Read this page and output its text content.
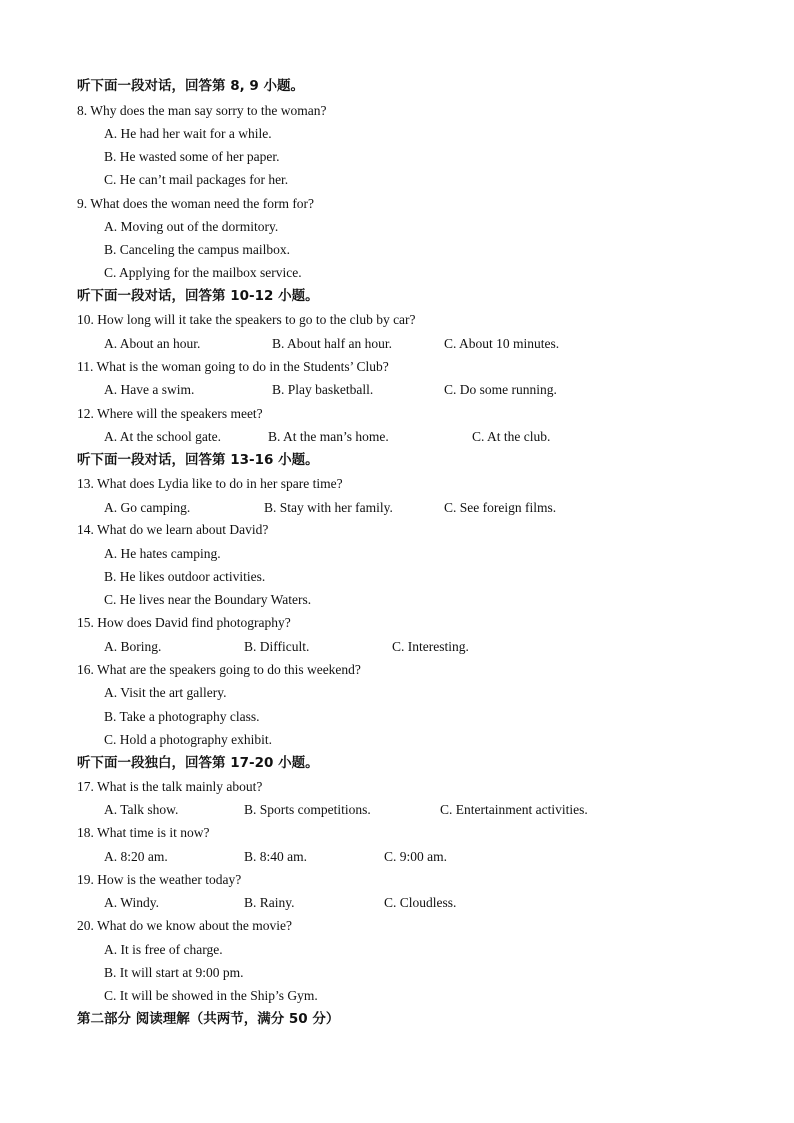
听下面一段对话，回答第 8, 9 小题。
8. Why does the man say sorry to the woman?
A. He had her wait for a while.
B. He wasted some of her paper.
C. He can’t mail packages for her.
9. What does the woman need the form for?
A. Moving out of the dormitory.
B. Canceling the campus mailbox.
C. Applying for the mailbox service.
听下面一段对话，回答第 10-12 小题。
10. How long will it take the speakers to go to the club by car?
A. About an hour.	B. About half an hour.	C. About 10 minutes.
11. What is the woman going to do in the Students’ Club?
A. Have a swim.	B. Play basketball.	C. Do some running.
12. Where will the speakers meet?
A. At the school gate.	B. At the man’s home.	C. At the club.
听下面一段对话，回答第 13-16 小题。
13. What does Lydia like to do in her spare time?
A. Go camping.	B. Stay with her family.	C. See foreign films.
14. What do we learn about David?
A. He hates camping.
B. He likes outdoor activities.
C. He lives near the Boundary Waters.
15. How does David find photography?
A. Boring.	B. Difficult.	C. Interesting.
16. What are the speakers going to do this weekend?
A. Visit the art gallery.
B. Take a photography class.
C. Hold a photography exhibit.
听下面一段独白，回答第 17-20 小题。
17. What is the talk mainly about?
A. Talk show.	B. Sports competitions.	C. Entertainment activities.
18. What time is it now?
A. 8:20 am.	B. 8:40 am.	C. 9:00 am.
19. How is the weather today?
A. Windy.	B. Rainy.	C. Cloudless.
20. What do we know about the movie?
A. It is free of charge.
B. It will start at 9:00 pm.
C. It will be showed in the Ship’s Gym.
第二部分 阅读理解（共两节，满分 50 分）
